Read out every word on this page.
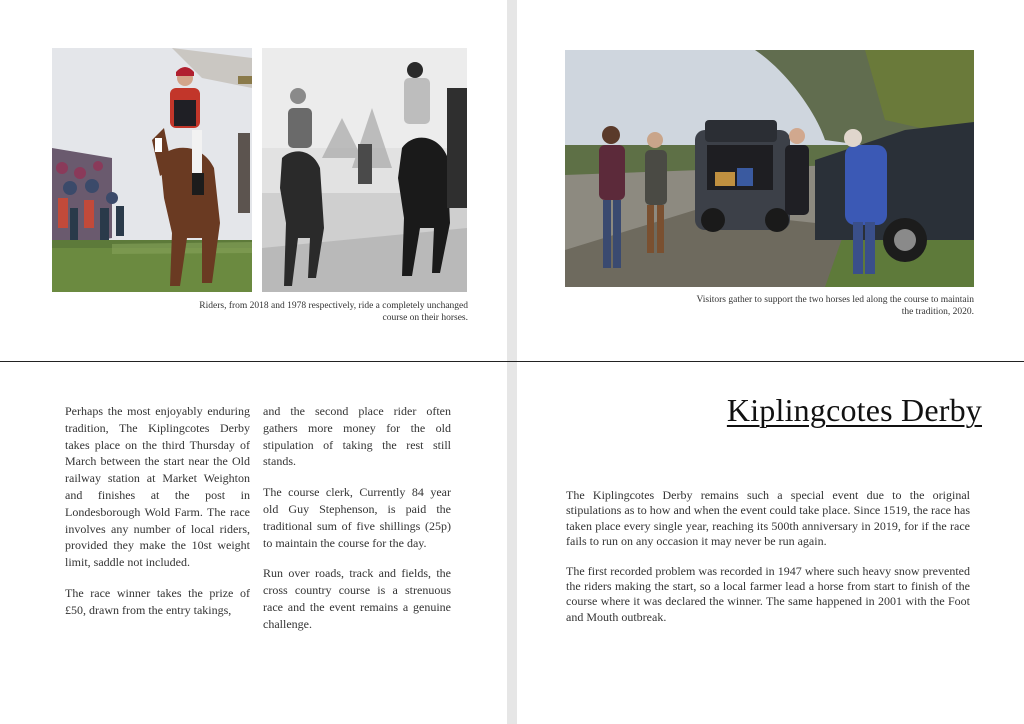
Riders, from 2018 and 1978 respectively, ride a completely unchanged course on their horses.
Visitors gather to support the two horses led along the course to maintain the tradition, 2020.

Perhaps the most enjoyably enduring tradition, The Kiplingcotes Derby takes place on the third Thursday of March between the start near the Old railway station at Market Weighton and finishes at the post in Londesborough Wold Farm. The race involves any number of local riders, provided they make the 10st weight limit, saddle not included.

The race winner takes the prize of £50, drawn from the entry takings,

and the second place rider often gathers more money for the old stipulation of taking the rest still stands.

The course clerk, Currently 84 year old Guy Stephenson, is paid the traditional sum of five shillings (25p) to maintain the course for the day.

Run over roads, track and fields, the cross country course is a strenuous race and the event remains a genuine challenge.

Kiplingcotes Derby

The Kiplingcotes Derby remains such a special event due to the original stipulations as to how and when the event could take place. Since 1519, the race has taken place every single year, reaching its 500th anniversary in 2019, for if the race fails to run on any occasion it may never be run again.

The first recorded problem was recorded in 1947 where such heavy snow prevented the riders making the start, so a local farmer lead a horse from start to finish of the course where it was declared the winner. The same happened in 2001 with the Foot and Mouth outbreak.
